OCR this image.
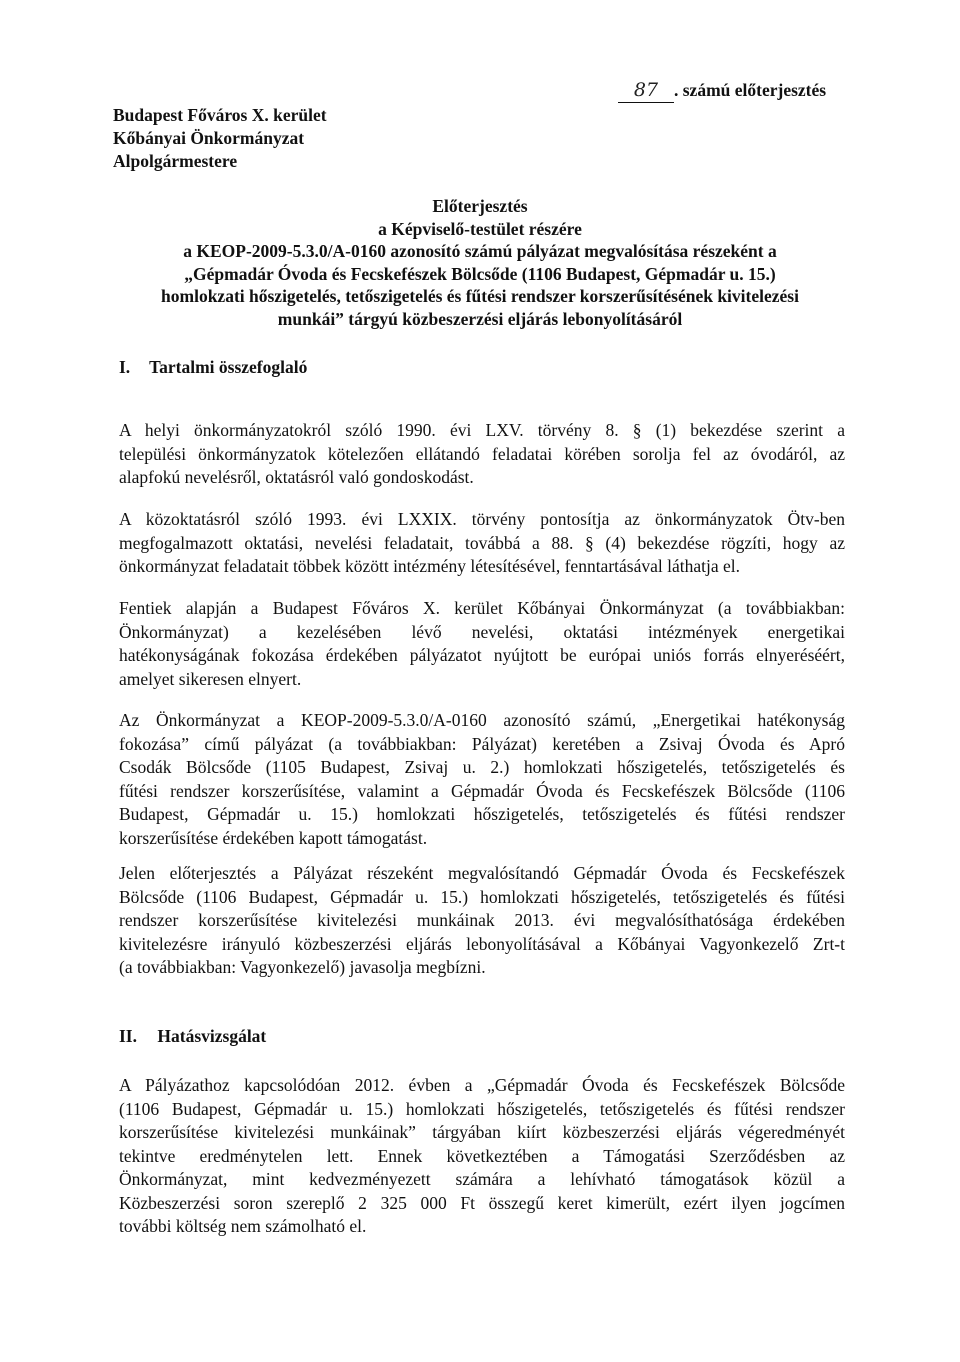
Budapest Főváros X. kerület
Kőbányai Önkormányzat
Alpolgármestere
87 . számú előterjesztés
Előterjesztés
a Képviselő-testület részére
a KEOP-2009-5.3.0/A-0160 azonosító számú pályázat megvalósítása részeként a
„Gépmadár Óvoda és Fecskefészek Bölcsőde (1106 Budapest, Gépmadár u. 15.)
homlokzati hőszigetelés, tetőszigetelés és fűtési rendszer korszerűsítésének kivitelezési
munkái” tárgyú közbeszerzési eljárás lebonyolításáról
I. Tartalmi összefoglaló
A helyi önkormányzatokról szóló 1990. évi LXV. törvény 8. § (1) bekezdése szerint a
települési önkormányzatok kötelezően ellátandó feladatai körében sorolja fel az óvodáról, az
alapfokú nevelésről, oktatásról való gondoskodást.
A közoktatásról szóló 1993. évi LXXIX. törvény pontosítja az önkormányzatok Ötv-ben
megfogalmazott oktatási, nevelési feladatait, továbbá a 88. § (4) bekezdése rögzíti, hogy az
önkormányzat feladatait többek között intézmény létesítésével, fenntartásával láthatja el.
Fentiek alapján a Budapest Főváros X. kerület Kőbányai Önkormányzat (a továbbiakban:
Önkormányzat) a kezelésében lévő nevelési, oktatási intézmények energetikai
hatékonyságának fokozása érdekében pályázatot nyújtott be európai uniós forrás elnyeréséért,
amelyet sikeresen elnyert.
Az Önkormányzat a KEOP-2009-5.3.0/A-0160 azonosító számú, „Energetikai hatékonyság
fokozása” című pályázat (a továbbiakban: Pályázat) keretében a Zsivaj Óvoda és Apró
Csodák Bölcsőde (1105 Budapest, Zsivaj u. 2.) homlokzati hőszigetelés, tetőszigetelés és
fűtési rendszer korszerűsítése, valamint a Gépmadár Óvoda és Fecskefészek Bölcsőde (1106
Budapest, Gépmadár u. 15.) homlokzati hőszigetelés, tetőszigetelés és fűtési rendszer
korszerűsítése érdekében kapott támogatást.
Jelen előterjesztés a Pályázat részeként megvalósítandó Gépmadár Óvoda és Fecskefészek
Bölcsőde (1106 Budapest, Gépmadár u. 15.) homlokzati hőszigetelés, tetőszigetelés és fűtési
rendszer korszerűsítése kivitelezési munkáinak 2013. évi megvalósíthatósága érdekében
kivitelezésre irányuló közbeszerzési eljárás lebonyolításával a Kőbányai Vagyonkezelő Zrt-t
(a továbbiakban: Vagyonkezelő) javasolja megbízni.
II. Hatásvizsgálat
A Pályázathoz kapcsolódóan 2012. évben a „Gépmadár Óvoda és Fecskefészek Bölcsőde
(1106 Budapest, Gépmadár u. 15.) homlokzati hőszigetelés, tetőszigetelés és fűtési rendszer
korszerűsítése kivitelezési munkáinak” tárgyában kiírt közbeszerzési eljárás végeredményét
tekintve eredménytelen lett. Ennek következtében a Támogatási Szerződésben az
Önkormányzat, mint kedvezményezett számára a lehívható támogatások közül a
Közbeszerzési soron szereplő 2 325 000 Ft összegű keret kimerült, ezért ilyen jogcímen
további költség nem számolható el.
